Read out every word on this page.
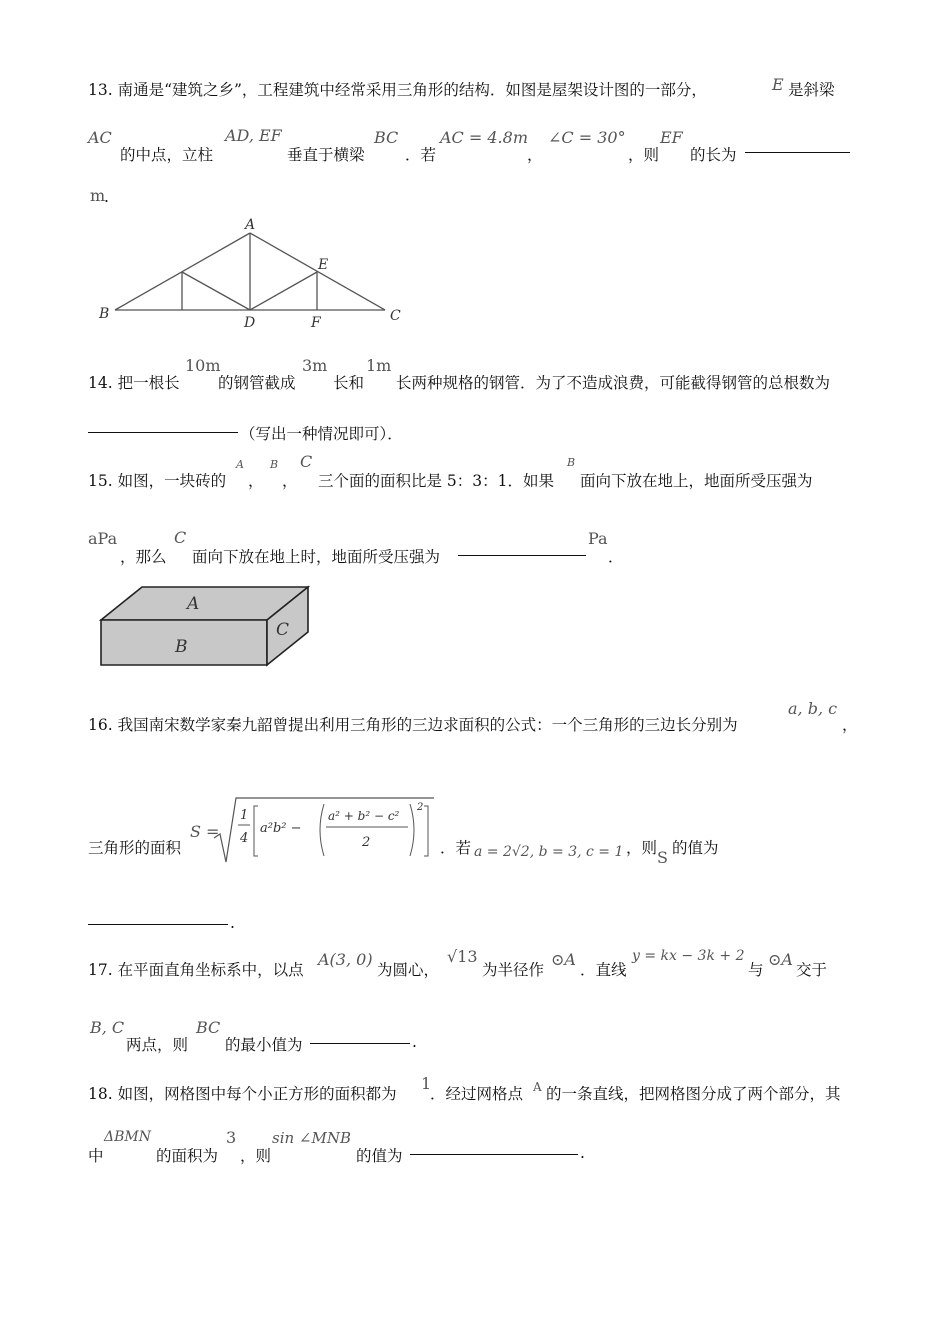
13. 南通是“建筑之乡”，工程建筑中经常采用三角形的结构．如图是屋架设计图的一部分，	E 是斜梁
AC
的中点，立柱
AD, EF
垂直于横梁
BC
．若
AC = 4.8m
，
∠C = 30°
，则
EF
的长为
m
.
A
B	C
D
E
F
14. 把一根长
10m
的钢管截成
3m
长和
1m
长两种规格的钢管．为了不造成浪费，可能截得钢管的总根数为
（写出一种情况即可）．
15. 如图，一块砖的
A
，
B
，
C
三个面的面积比是 5：3：1．如果
B
面向下放在地上，地面所受压强为
aPa
，那么
C
面向下放在地上时，地面所受压强为
Pa
．
A
B
C
16. 我国南宋数学家秦九韶曾提出利用三角形的三边求面积的公式：一个三角形的三边长分别为
a, b, c
，
三角形的面积
S =
1
4
a²b² −
a² + b² − c²
2
2
．若 a = 2√2, b = 3, c = 1 ，则 S 的值为
.
17. 在平面直角坐标系中，以点
A(3, 0)
为圆心，
√13
为半径作
⊙A
．直线
y = kx − 3k + 2
与
⊙A
交于
B, C
两点，则
BC
的最小值为	.
18. 如图，网格图中每个小正方形的面积都为
1
．经过网格点 A 的一条直线，把网格图分成了两个部分，其
中
ΔBMN
的面积为
3
，则
sin ∠MNB
的值为	.
